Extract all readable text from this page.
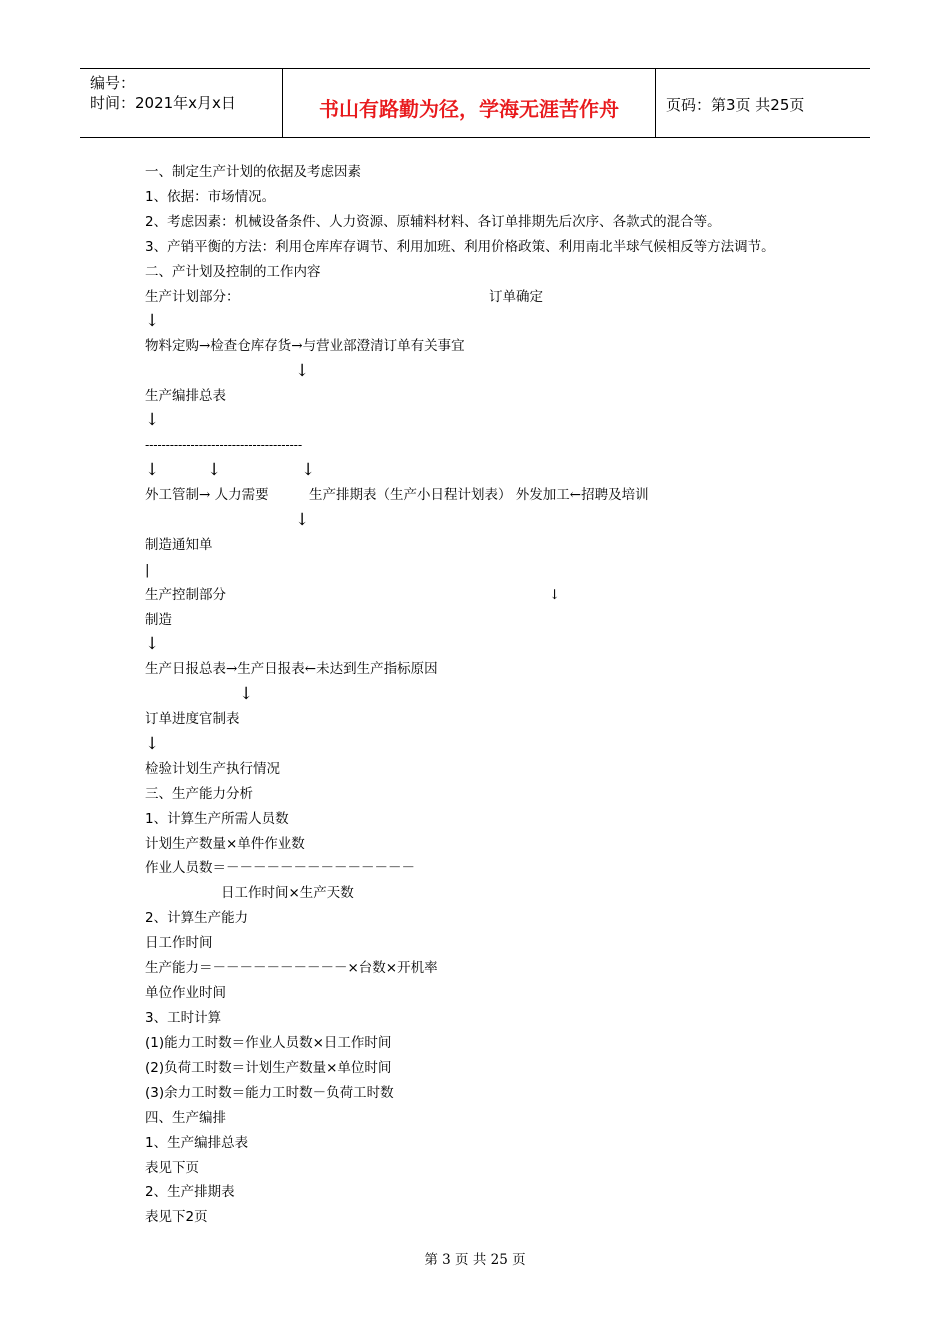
编号：
时间：2021年x月x日	书山有路勤为径，学海无涯苦作舟	页码：第3页 共25页
一、制定生产计划的依据及考虑因素
1、依据：市场情况。
2、考虑因素：机械设备条件、人力资源、原辅料材料、各订单排期先后次序、各款式的混合等。
3、产销平衡的方法：利用仓库库存调节、利用加班、利用价格政策、利用南北半球气候相反等方法调节。
二、产计划及控制的工作内容
生产计划部分：	订单确定
↓
物料定购→检查仓库存货→与营业部澄清订单有关事宜
↓
生产编排总表
↓
--------------------------------------
↓	↓	↓
外工管制→ 人力需要	生产排期表（生产小日程计划表） 外发加工←招聘及培训
↓
制造通知单
|
生产控制部分	↓
制造
↓
生产日报总表→生产日报表←未达到生产指标原因
↓
订单进度官制表
↓
检验计划生产执行情况
三、生产能力分析
1、计算生产所需人员数
计划生产数量×单件作业数
作业人员数＝－－－－－－－－－－－－－－
日工作时间×生产天数
2、计算生产能力
日工作时间
生产能力＝－－－－－－－－－－×台数×开机率
单位作业时间
3、工时计算
(1)能力工时数＝作业人员数×日工作时间
(2)负荷工时数＝计划生产数量×单位时间
(3)余力工时数＝能力工时数－负荷工时数
四、生产编排
1、生产编排总表
表见下页
2、生产排期表
表见下2页
第 3 页 共 25 页
